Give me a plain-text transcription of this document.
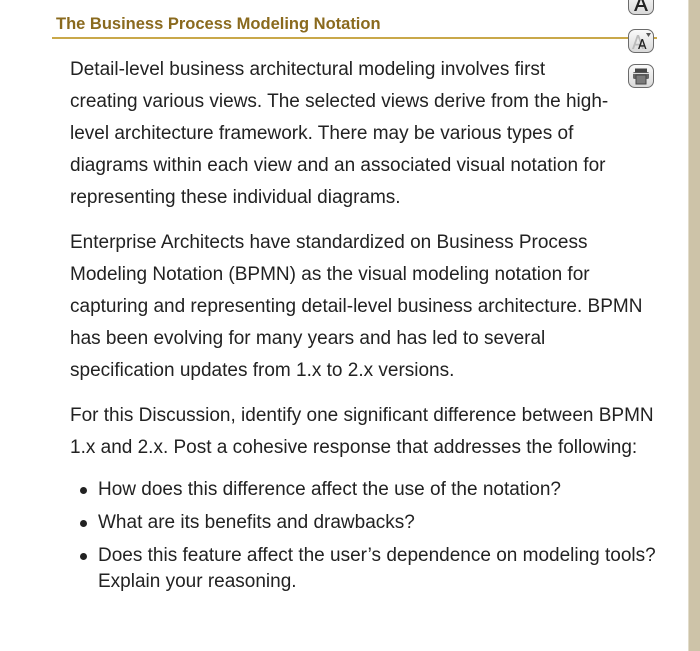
The Business Process Modeling Notation

Detail-level business architectural modeling involves first creating various views. The selected views derive from the high-level architecture framework. There may be various types of diagrams within each view and an associated visual notation for representing these individual diagrams.

Enterprise Architects have standardized on Business Process Modeling Notation (BPMN) as the visual modeling notation for capturing and representing detail-level business architecture. BPMN has been evolving for many years and has led to several specification updates from 1.x to 2.x versions.

For this Discussion, identify one significant difference between BPMN 1.x and 2.x. Post a cohesive response that addresses the following:

How does this difference affect the use of the notation?
What are its benefits and drawbacks?
Does this feature affect the user’s dependence on modeling tools? Explain your reasoning.
